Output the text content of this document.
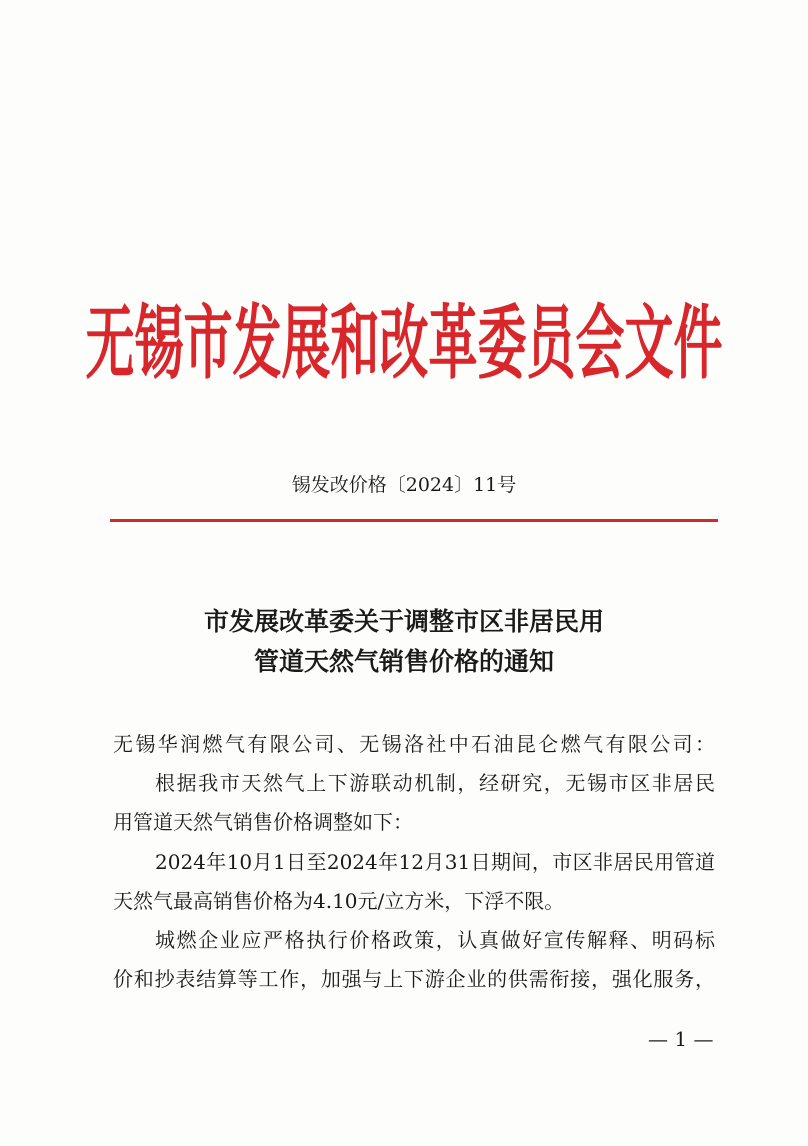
无锡市发展和改革委员会文件
锡发改价格〔2024〕11号
市发展改革委关于调整市区非居民用
管道天然气销售价格的通知
无锡华润燃气有限公司、无锡洛社中石油昆仑燃气有限公司：
根据我市天然气上下游联动机制，经研究，无锡市区非居民
用管道天然气销售价格调整如下：
2024年10月1日至2024年12月31日期间，市区非居民用管道
天然气最高销售价格为4.10元/立方米，下浮不限。
城燃企业应严格执行价格政策，认真做好宣传解释、明码标
价和抄表结算等工作，加强与上下游企业的供需衔接，强化服务，
— 1 —
